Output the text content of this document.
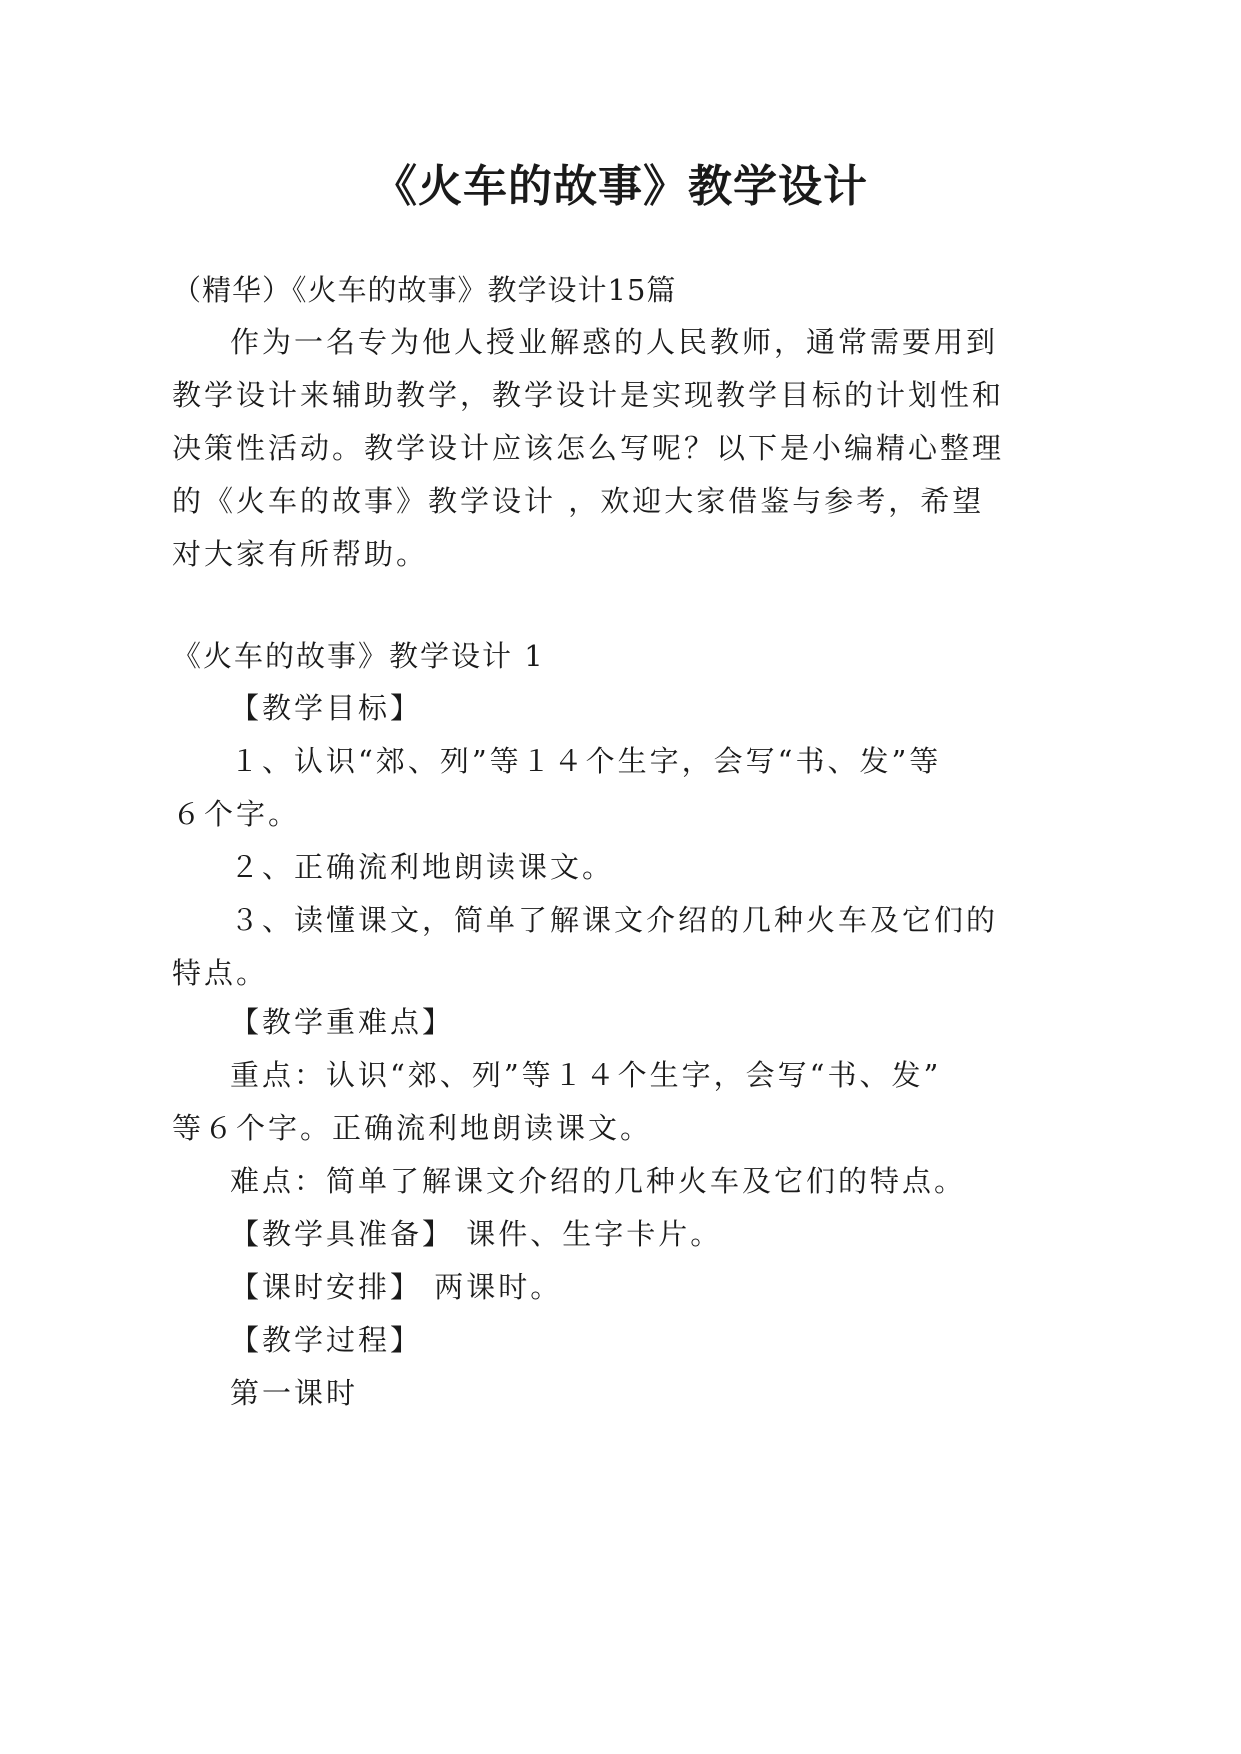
《火车的故事》教学设计
（精华）《火车的故事》教学设计15篇
作为一名专为他人授业解惑的人民教师，通常需要用到
教学设计来辅助教学，教学设计是实现教学目标的计划性和
决策性活动。教学设计应该怎么写呢？以下是小编精心整理
的《火车的故事》教学设计 ，欢迎大家借鉴与参考，希望
对大家有所帮助。
《火车的故事》教学设计 1
【教学目标】
１、认识“郊、列”等１４个生字，会写“书、发”等
６个字。
２、正确流利地朗读课文。
３、读懂课文，简单了解课文介绍的几种火车及它们的
特点。
【教学重难点】
重点：认识“郊、列”等１４个生字，会写“书、发”
等６个字。正确流利地朗读课文。
难点：简单了解课文介绍的几种火车及它们的特点。
【教学具准备】 课件、生字卡片。
【课时安排】 两课时。
【教学过程】
第一课时
